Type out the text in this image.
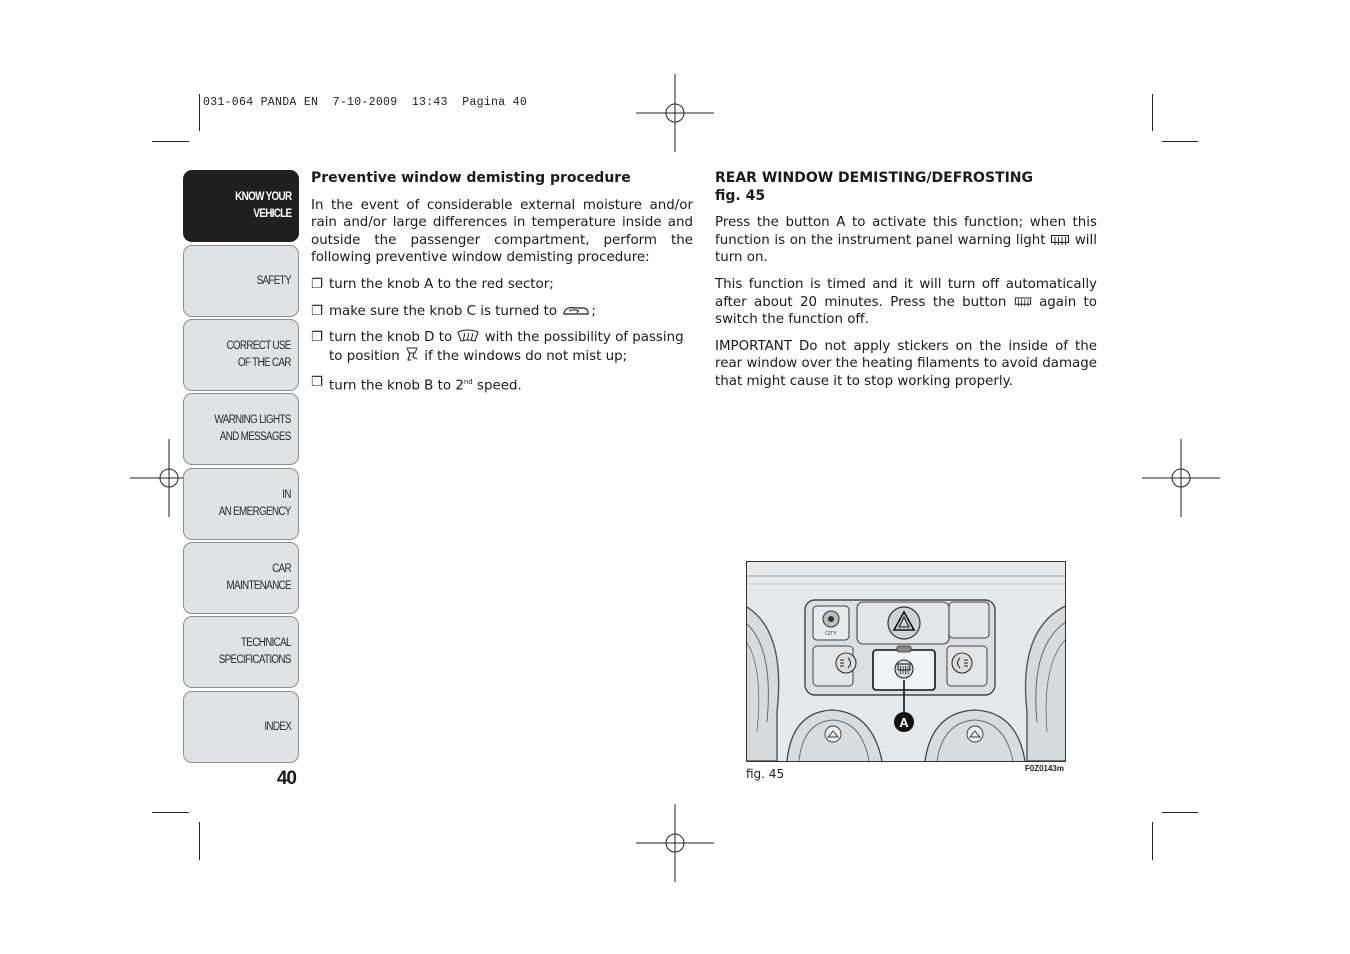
031-064 PANDA EN  7-10-2009  13:43  Pagina 40
KNOW YOUR
VEHICLE
SAFETY
CORRECT USE
OF THE CAR
WARNING LIGHTS
AND MESSAGES
IN
AN EMERGENCY
CAR
MAINTENANCE
TECHNICAL
SPECIFICATIONS
INDEX
40
Preventive window demisting procedure
In the event of considerable external moisture and/or rain and/or large differences in temperature inside and outside the passenger compartment, perform the following preventive window demisting procedure:
❐ turn the knob A to the red sector;
❐ make sure the knob C is turned to	;
❐ turn the knob D to with the possibility of passing to position if the windows do not mist up;
❐ turn the knob B to 2nd speed.
REAR WINDOW DEMISTING/DEFROSTING
fig. 45
Press the button A to activate this function; when this function is on the instrument panel warning light will turn on.
This function is timed and it will turn off automatically after about 20 minutes. Press the button again to switch the function off.
IMPORTANT Do not apply stickers on the inside of the rear window over the heating filaments to avoid damage that might cause it to stop working properly.
CITY
A
fig. 45	F0Z0143m
